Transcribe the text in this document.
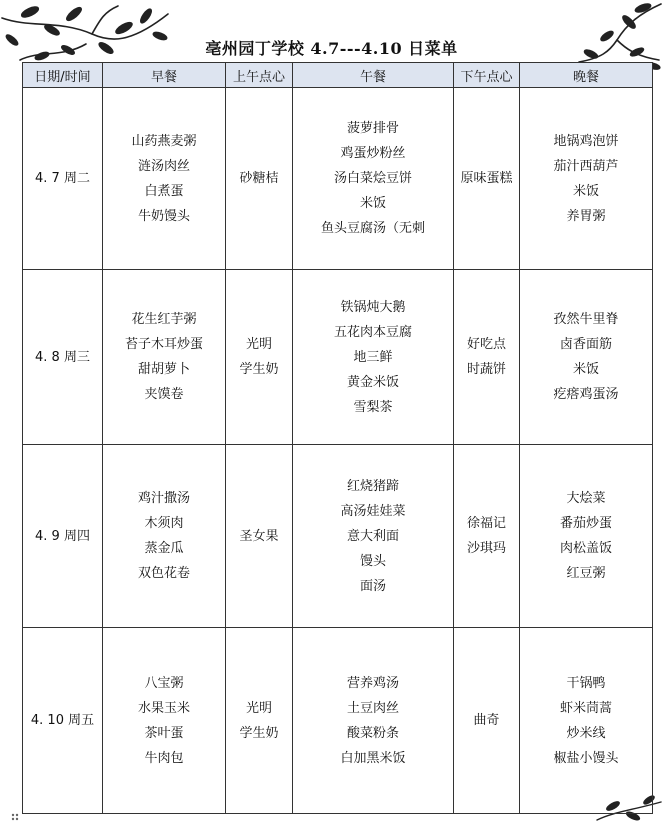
亳州园丁学校 4.7---4.10 日菜单
日期/时间	早餐	上午点心	午餐	下午点心	晚餐

4. 7 周二	山药燕麦粥
涟汤肉丝
白煮蛋
牛奶馒头	砂糖桔	菠萝排骨
鸡蛋炒粉丝
汤白菜烩豆饼
米饭
鱼头豆腐汤（无刺	原味蛋糕	地锅鸡泡饼
茄汁西葫芦
米饭
养胃粥

4. 8 周三	花生红芋粥
苔子木耳炒蛋
甜胡萝卜
夹馍卷	光明
学生奶	铁锅炖大鹅
五花肉本豆腐
地三鲜
黄金米饭
雪梨茶	好吃点
时蔬饼	孜然牛里脊
卤香面筋
米饭
疙瘩鸡蛋汤

4. 9 周四	鸡汁撒汤
木须肉
蒸金瓜
双色花卷	圣女果	红烧猪蹄
高汤娃娃菜
意大利面
馒头
面汤	徐福记
沙琪玛	大烩菜
番茄炒蛋
肉松盖饭
红豆粥

4. 10 周五	八宝粥
水果玉米
茶叶蛋
牛肉包	光明
学生奶	营养鸡汤
土豆肉丝
酸菜粉条
白加黑米饭	曲奇	干锅鸭
虾米茼蒿
炒米线
椒盐小馒头
